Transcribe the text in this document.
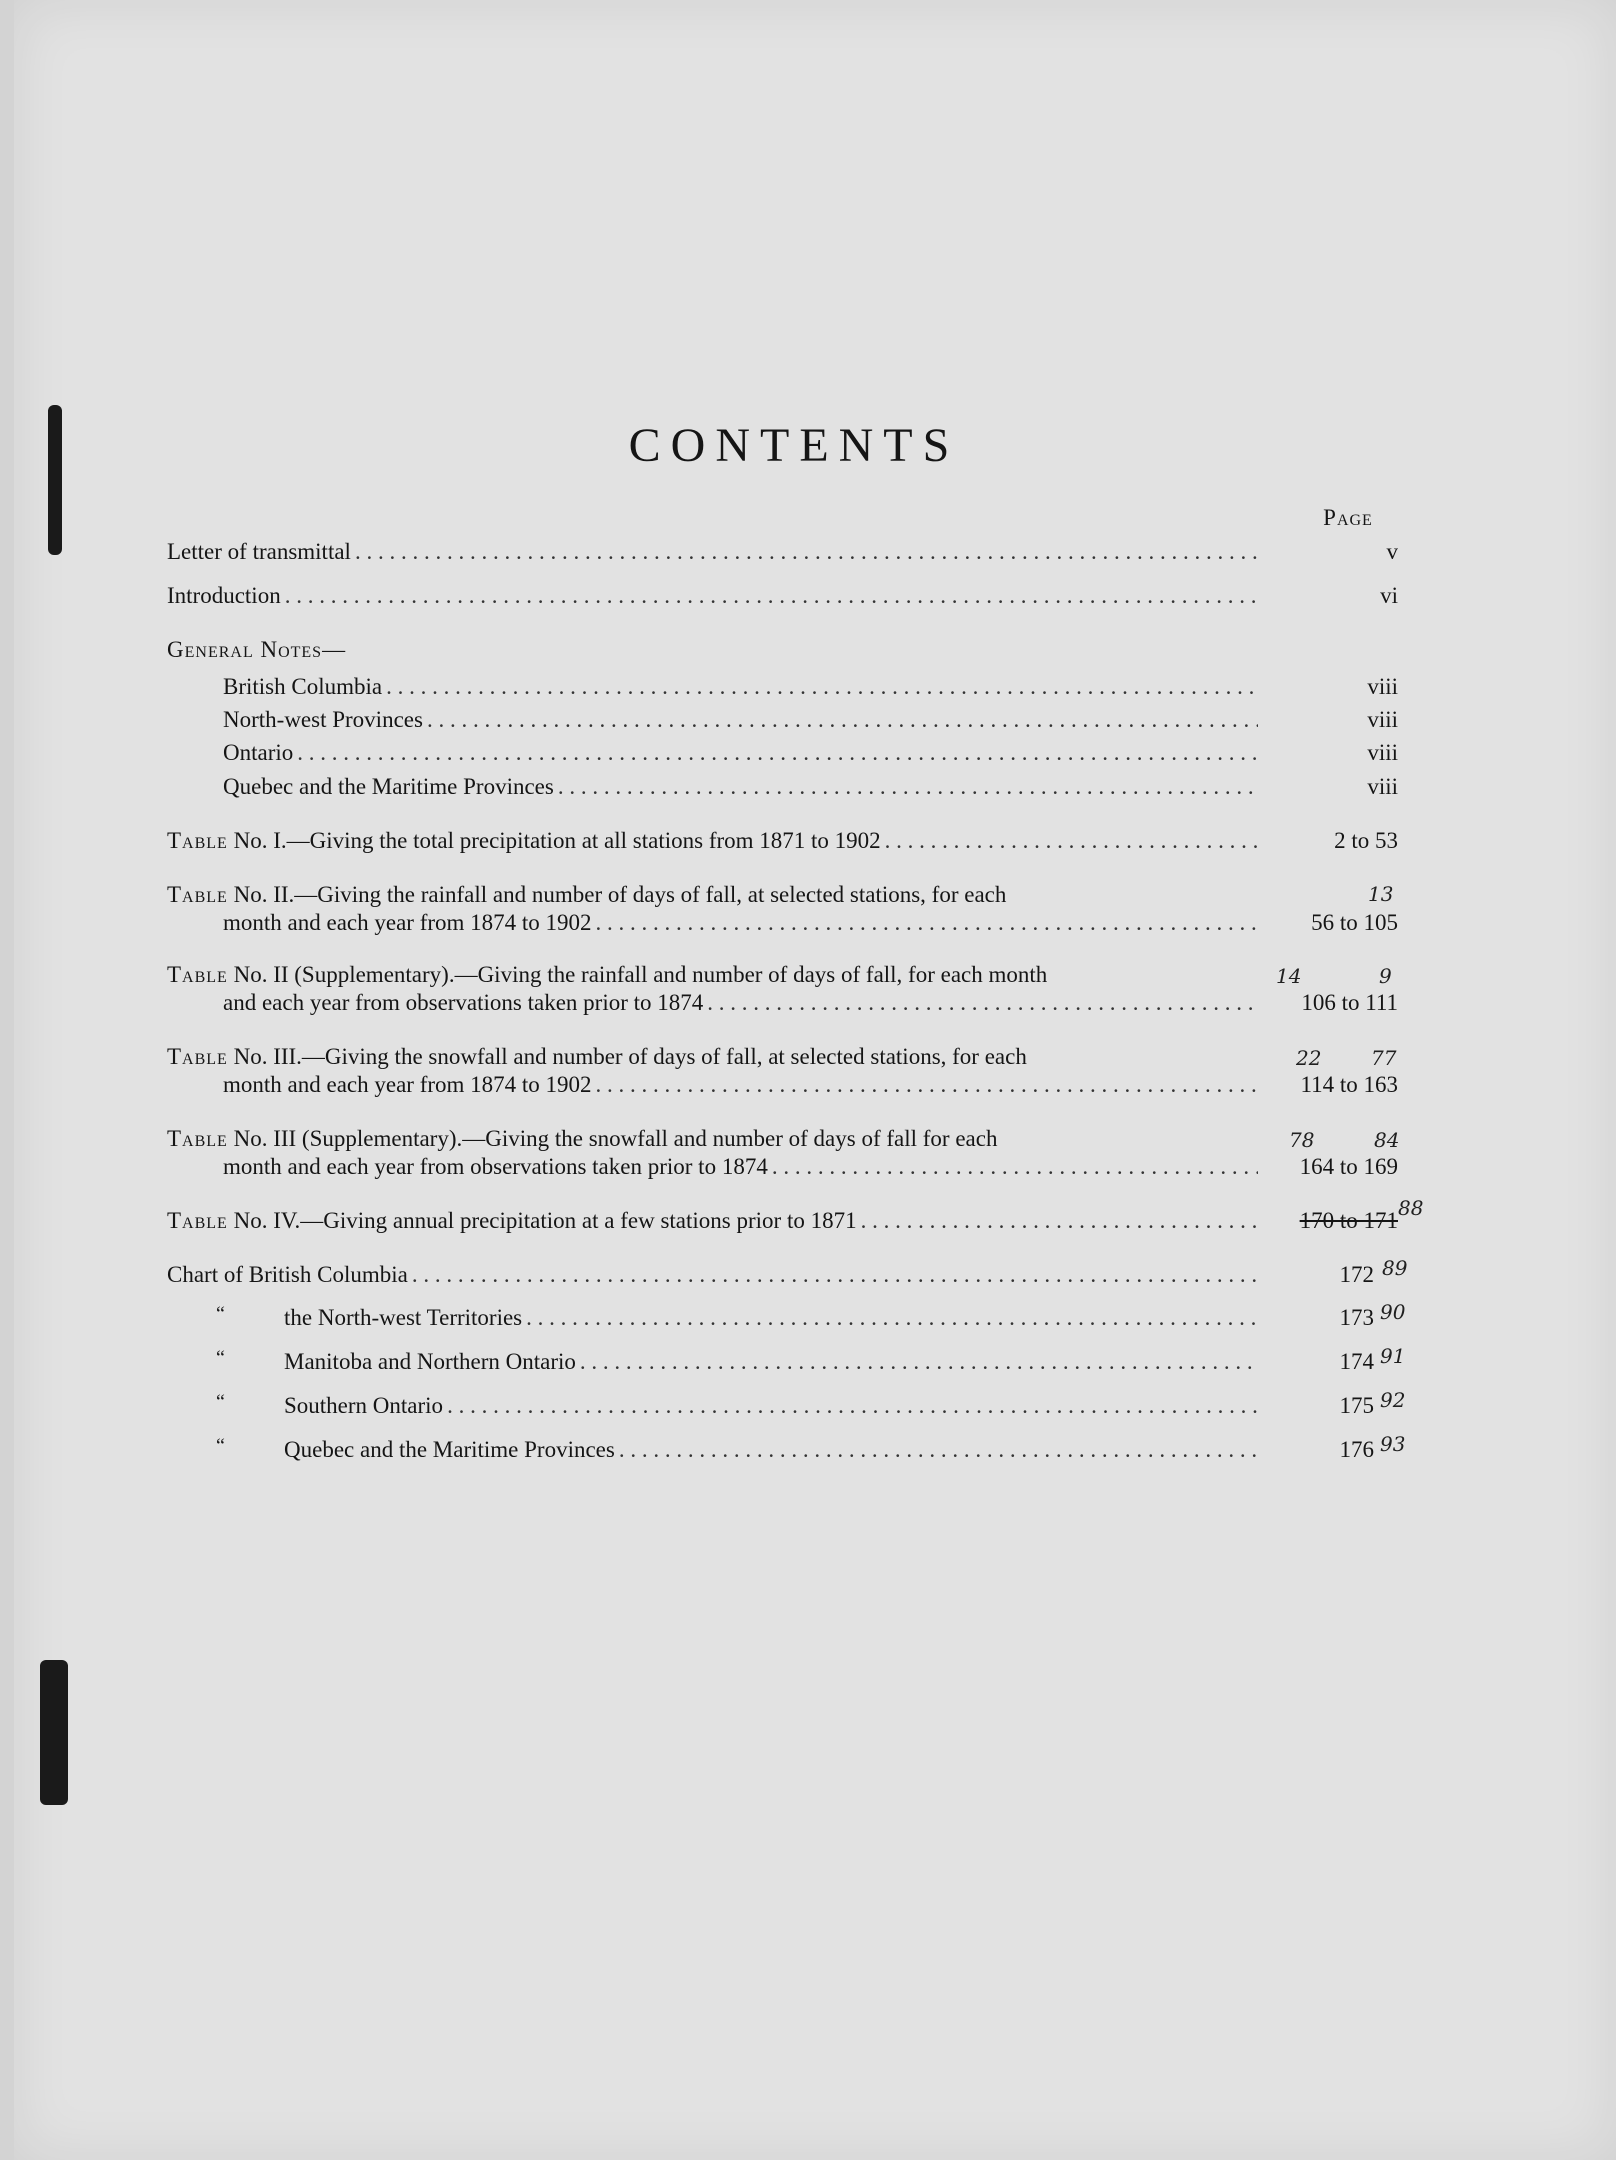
CONTENTS
Page
Letter of transmittal . . .	v
Introduction . . .	vi
General Notes—
British Columbia . . .	viii
North-west Provinces . . .	viii
Ontario . . .	viii
Quebec and the Maritime Provinces . . .	viii
Table No. I.—Giving the total precipitation at all stations from 1871 to 1902 . . .	2 to 53
Table No. II.—Giving the rainfall and number of days of fall, at selected stations, for each
month and each year from 1874 to 1902 . . .	56 to 105
13
Table No. II (Supplementary).—Giving the rainfall and number of days of fall, for each month
and each year from observations taken prior to 1874 . . .	106 to 111
14	9
Table No. III.—Giving the snowfall and number of days of fall, at selected stations, for each
month and each year from 1874 to 1902 . . .	114 to 163
22 77
Table No. III (Supplementary).—Giving the snowfall and number of days of fall for each
month and each year from observations taken prior to 1874 . . .	164 to 169
78	84
Table No. IV.—Giving annual precipitation at a few stations prior to 1871 . . .	170 to 171 88
Chart of British Columbia . . .	172 89
“	the North-west Territories . . .	173 90
“	Manitoba and Northern Ontario . . .	174 91
“	Southern Ontario . . .	175 92
“	Quebec and the Maritime Provinces . . .	176 93
